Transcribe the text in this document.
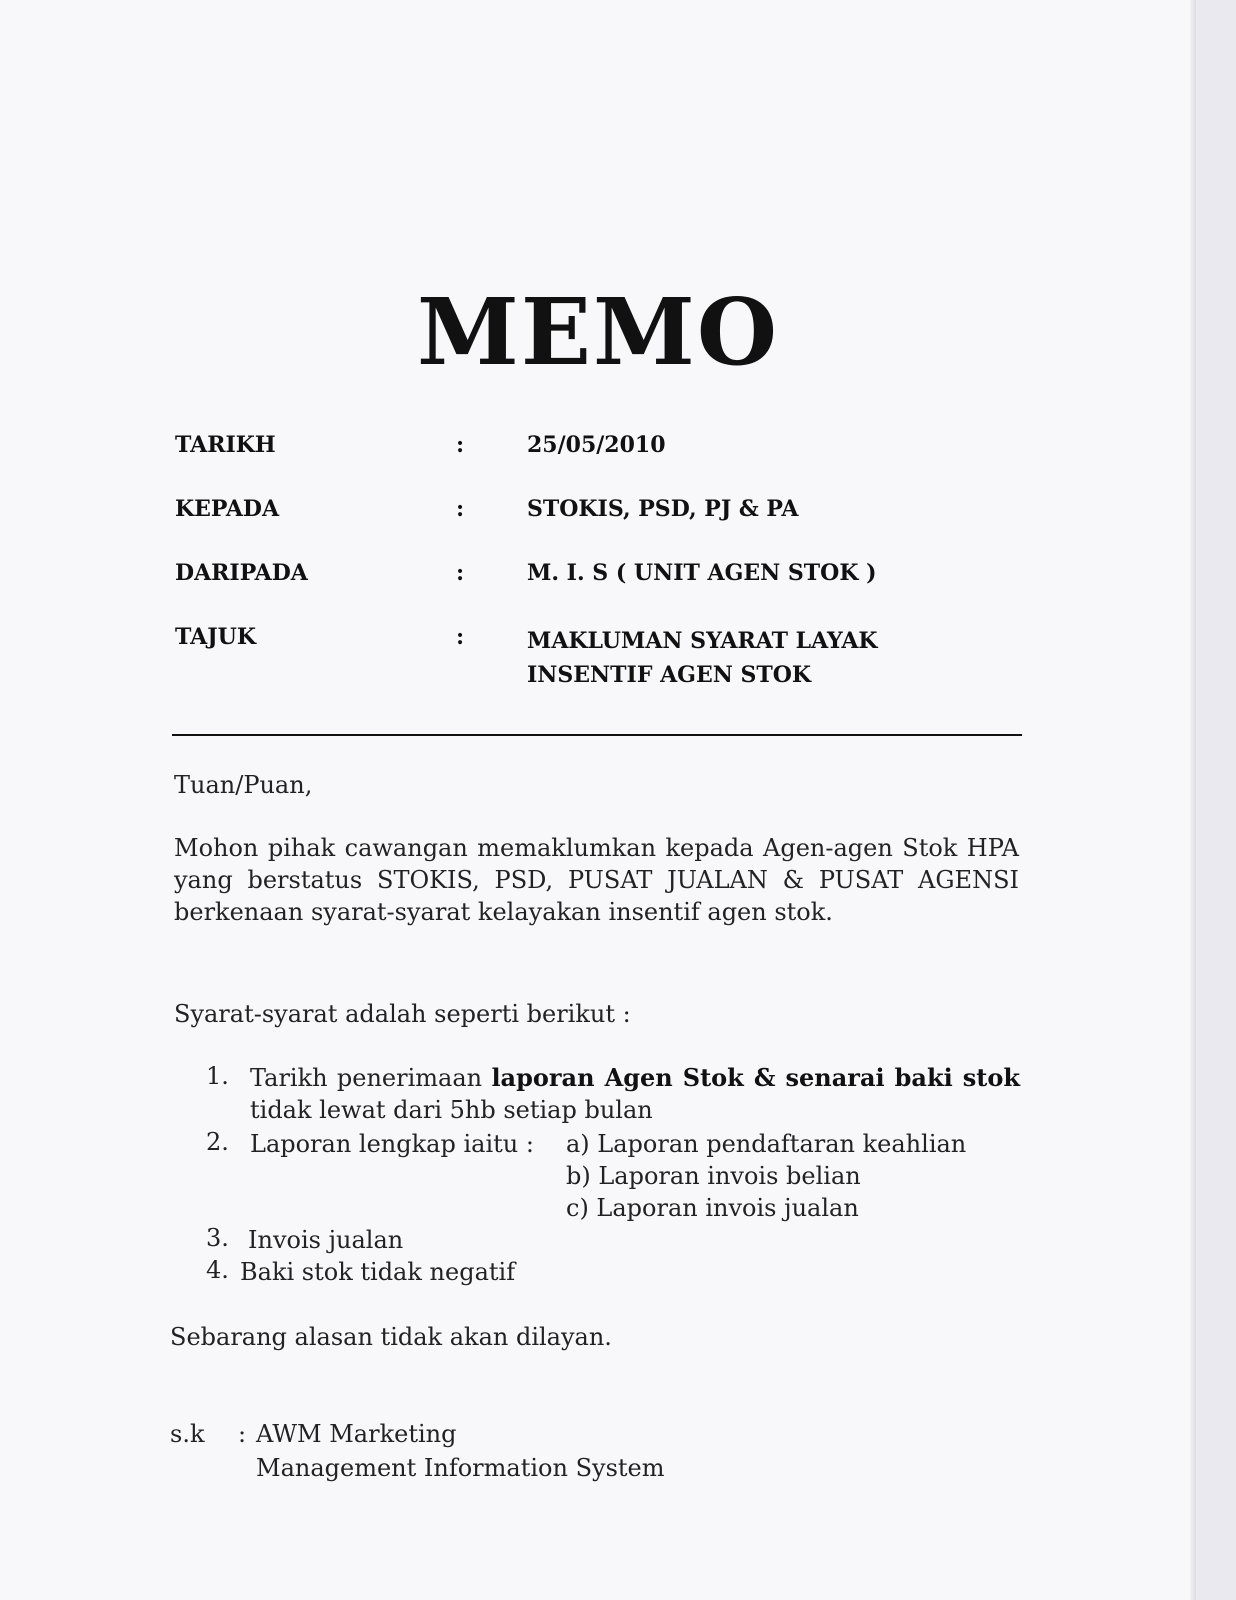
MEMO
TARIKH	:	25/05/2010
KEPADA	:	STOKIS, PSD, PJ & PA
DARIPADA	:	M. I. S ( UNIT AGEN STOK )
TAJUK	:	MAKLUMAN SYARAT LAYAK
INSENTIF AGEN STOK
Tuan/Puan,
Mohon pihak cawangan memaklumkan kepada Agen-agen Stok HPA yang berstatus STOKIS, PSD, PUSAT JUALAN & PUSAT AGENSI berkenaan syarat-syarat kelayakan insentif agen stok.
Syarat-syarat adalah seperti berikut :
1. Tarikh penerimaan laporan Agen Stok & senarai baki stok tidak lewat dari 5hb setiap bulan
2. Laporan lengkap iaitu : a) Laporan pendaftaran keahlian
b) Laporan invois belian
c) Laporan invois jualan
3. Invois jualan
4. Baki stok tidak negatif
Sebarang alasan tidak akan dilayan.
s.k : AWM Marketing
Management Information System
